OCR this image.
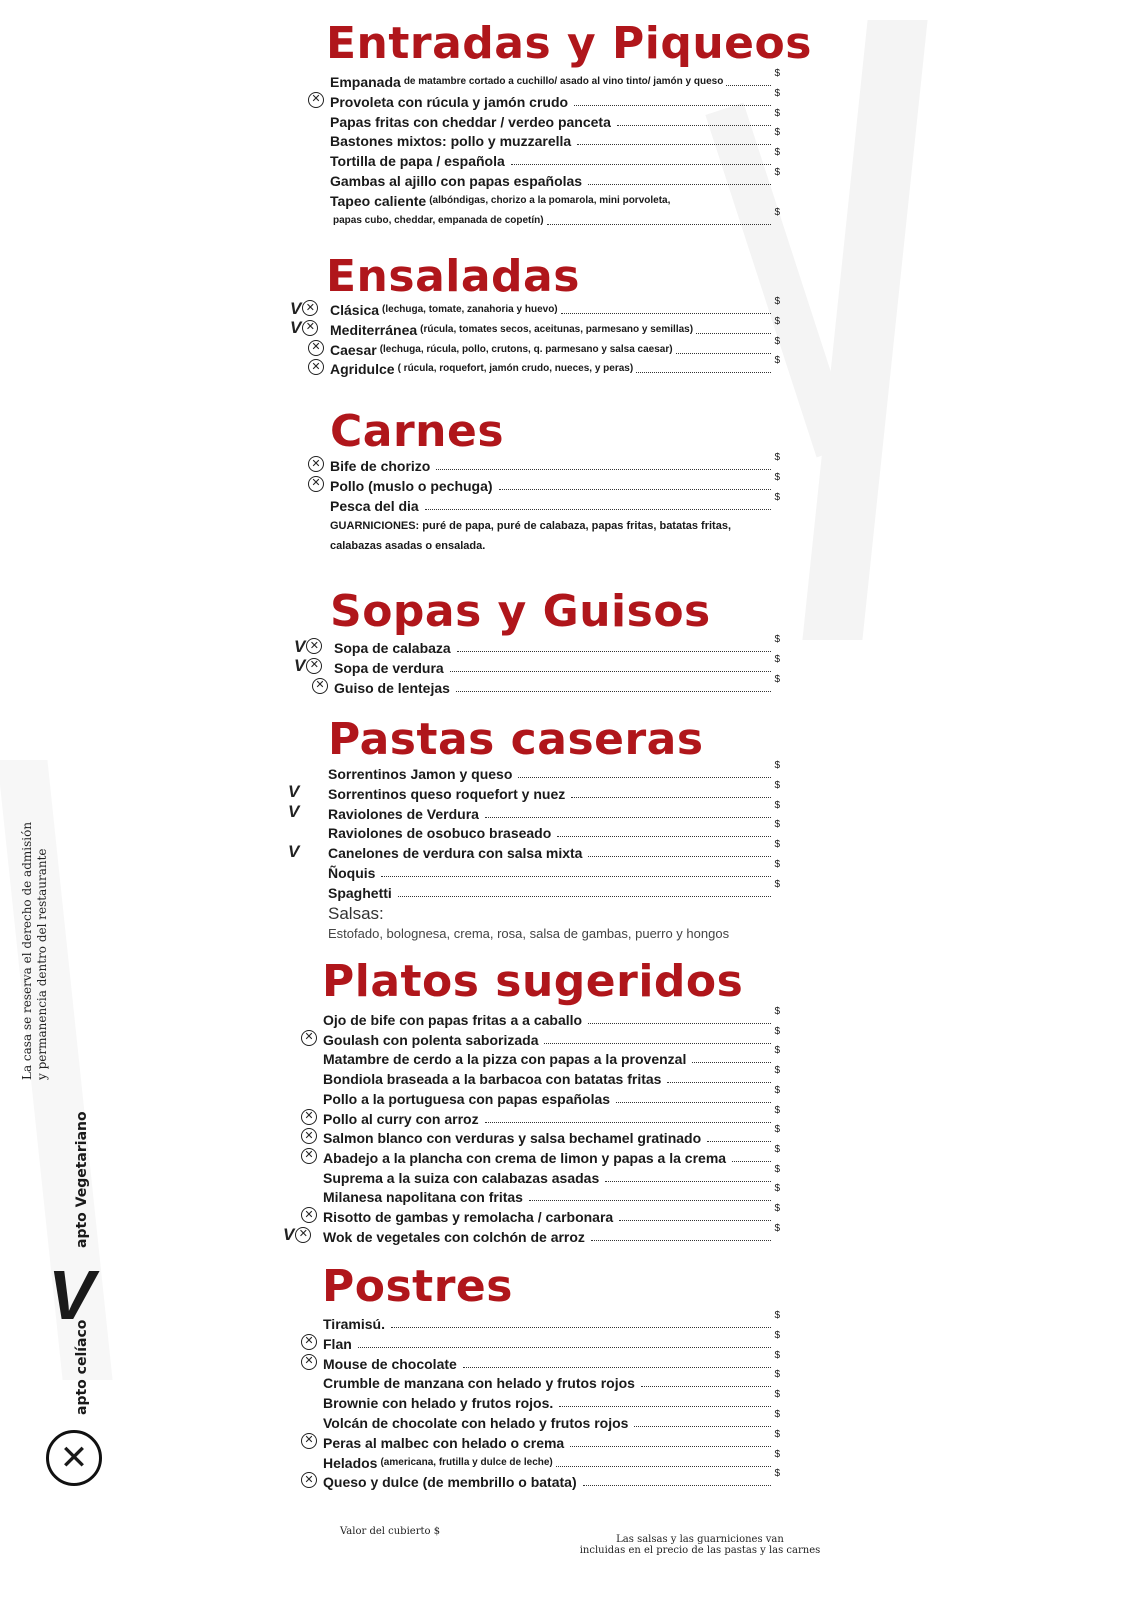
Entradas y Piqueos
Empanada de matambre cortado a cuchillo/ asado al vino tinto/ jamón y queso
$
Provoleta con rúcula y jamón crudo
$
✕
Papas fritas con cheddar / verdeo panceta
$
Bastones mixtos: pollo y muzzarella
$
Tortilla de papa / española
$
Gambas al ajillo con papas españolas
$
Tapeo caliente (albóndigas, chorizo a la pomarola, mini porvoleta,
papas cubo, cheddar, empanada de copetín)
$
Ensaladas
Clásica (lechuga, tomate, zanahoria y huevo)
$
V ✕
Mediterránea (rúcula, tomates secos, aceitunas, parmesano y semillas)
$
V ✕
Caesar (lechuga, rúcula, pollo, crutons, q. parmesano y salsa caesar)
$
✕
Agridulce ( rúcula, roquefort, jamón crudo, nueces, y peras)
$
✕
Carnes
Bife de chorizo
$
✕
Pollo (muslo o pechuga)
$
✕
Pesca del dia
$
GUARNICIONES: puré de papa, puré de calabaza, papas fritas, batatas fritas,
calabazas asadas o ensalada.
Sopas y Guisos
Sopa de calabaza
$
V ✕
Sopa de verdura
$
V ✕
Guiso de lentejas
$
✕
Pastas caseras
Sorrentinos Jamon y queso
$
Sorrentinos queso roquefort y nuez
$
V
Raviolones de Verdura
$
V
Raviolones de osobuco braseado
$
Canelones de verdura con salsa mixta
$
V
Ñoquis
$
Spaghetti
$
Salsas:
Estofado, bolognesa, crema, rosa, salsa de gambas, puerro y hongos
Platos sugeridos
Ojo de bife con papas fritas a a caballo
$
Goulash con polenta saborizada
$
✕
Matambre de cerdo a la pizza con papas a la provenzal
$
Bondiola braseada a la barbacoa con batatas fritas
$
Pollo a la portuguesa con papas españolas
$
Pollo al curry con arroz
$
✕
Salmon blanco con verduras y salsa bechamel gratinado
$
✕
Abadejo a la plancha con crema de limon y papas a la crema
$
✕
Suprema a la suiza con calabazas asadas
$
Milanesa napolitana con fritas
$
Risotto de gambas y remolacha / carbonara
$
✕
Wok de vegetales con colchón de arroz
$
V ✕
Postres
Tiramisú.
$
Flan
$
✕
Mouse de chocolate
$
✕
Crumble de manzana con helado y frutos rojos
$
Brownie con helado y frutos rojos.
$
Volcán de chocolate con helado y frutos rojos
$
Peras al malbec con helado o crema
$
✕
Helados (americana, frutilla y dulce de leche)
$
Queso y dulce (de membrillo o batata)
$
✕
La casa se reserva el derecho de admisión y permanencia dentro del restaurante
apto Vegetariano
V
apto celíaco
✕
Valor del cubierto $
Las salsas y las guarniciones van
incluidas en el precio de las pastas y las carnes
